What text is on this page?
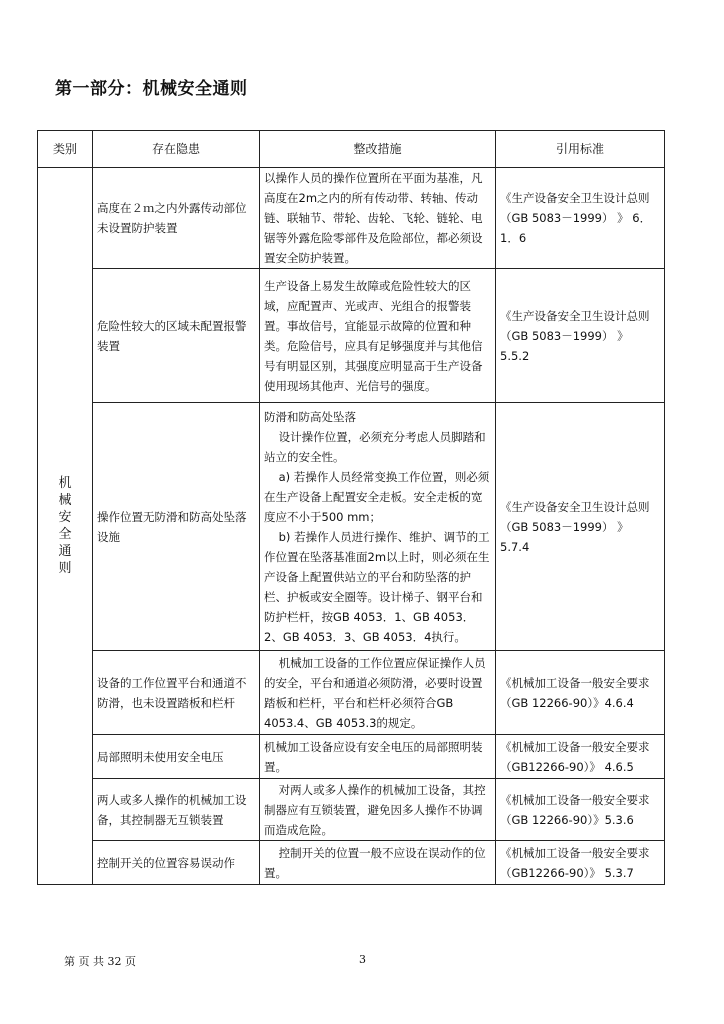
第一部分：机械安全通则
类别	存在隐患	整改措施	引用标准

机械安全通则	高度在２ｍ之内外露传动部位未设置防护装置	以操作人员的操作位置所在平面为基准，凡高度在2m之内的所有传动带、转轴、传动链、联轴节、带轮、齿轮、飞轮、链轮、电锯等外露危险零部件及危险部位，都必须设置安全防护装置。	《生产设备安全卫生设计总则（GB 5083－1999） 》 6．1．6
	危险性较大的区域未配置报警装置	生产设备上易发生故障或危险性较大的区域，应配置声、光或声、光组合的报警装置。事故信号，宜能显示故障的位置和种类。危险信号，应具有足够强度并与其他信号有明显区别，其强度应明显高于生产设备使用现场其他声、光信号的强度。	《生产设备安全卫生设计总则（GB 5083－1999） 》 5.5.2
	操作位置无防滑和防高处坠落设施	防滑和防高处坠落
设计操作位置，必须充分考虑人员脚踏和站立的安全性。
a) 若操作人员经常变换工作位置，则必须在生产设备上配置安全走板。安全走板的宽度应不小于500 mm；
b) 若操作人员进行操作、维护、调节的工作位置在坠落基准面2m以上时，则必须在生产设备上配置供站立的平台和防坠落的护栏、护板或安全圈等。设计梯子、钢平台和防护栏杆，按GB 4053．1、GB 4053．2、GB 4053．3、GB 4053．4执行。	《生产设备安全卫生设计总则（GB 5083－1999） 》 5.7.4
	设备的工作位置平台和通道不防滑，也未设置踏板和栏杆	机械加工设备的工作位置应保证操作人员的安全，平台和通道必须防滑，必要时设置踏板和栏杆，平台和栏杆必须符合GB 4053.4、GB 4053.3的规定。	《机械加工设备一般安全要求（GB 12266-90）》4.6.4
	局部照明未使用安全电压	机械加工设备应设有安全电压的局部照明装置。	《机械加工设备一般安全要求（GB12266-90）》 4.6.5
	两人或多人操作的机械加工设备，其控制器无互锁装置	对两人或多人操作的机械加工设备，其控制器应有互锁装置，避免因多人操作不协调而造成危险。	《机械加工设备一般安全要求（GB 12266-90）》5.3.6
	控制开关的位置容易误动作	控制开关的位置一般不应设在误动作的位置。	《机械加工设备一般安全要求（GB12266-90）》 5.3.7
第 页 共 32 页	3
